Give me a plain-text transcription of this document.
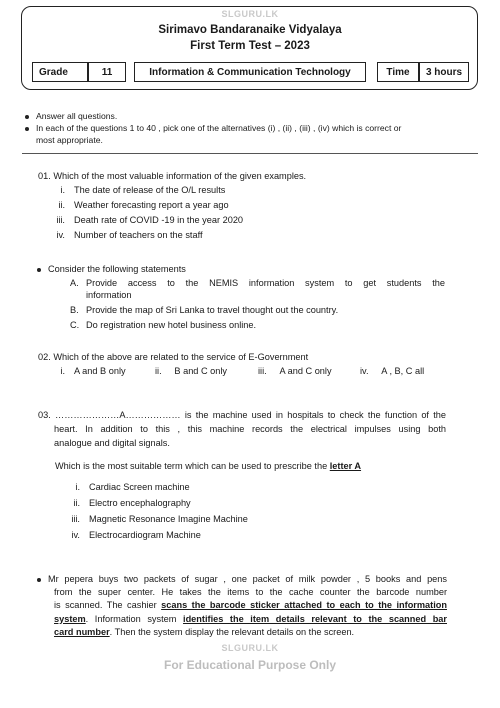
SLGURU.LK
Sirimavo Bandaranaike Vidyalaya
First Term Test – 2023
Grade	11	Information & Communication Technology	Time 3 hours
Answer all questions.
In each of the questions 1 to 40 , pick one of the alternatives (i) , (ii) , (iii) , (iv) which is correct or
most appropriate.
01. Which of the most valuable information of the given examples.
i. The date of release of the O/L results
ii. Weather forecasting report a year ago
iii. Death rate of COVID -19 in the year 2020
iv. Number of teachers on the staff
Consider the following statements
A. Provide access to the NEMIS information system to get students the
information
B. Provide the map of Sri Lanka to travel thought out the country.
C. Do registration new hotel business online.
02. Which of the above are related to the service of E-Government
i. A and B only	ii. B and C only	iii. A and C only	iv. A , B, C all
03. …………………A……………… is the machine used in hospitals to check the function of the
heart. In addition to this , this machine records the electrical impulses using both
analogue and digital signals.
Which is the most suitable term which can be used to prescribe the letter A
i. Cardiac Screen machine
ii. Electro encephalography
iii. Magnetic Resonance Imagine Machine
iv. Electrocardiogram Machine
Mr pepera buys two packets of sugar , one packet of milk powder , 5 books and pens
from the super center. He takes the items to the cache counter the barcode number
is scanned. The cashier scans the barcode sticker attached to each to the information
system. Information system identifies the item details relevant to the scanned bar
card number. Then the system display the relevant details on the screen.
SLGURU.LK
For Educational Purpose Only
